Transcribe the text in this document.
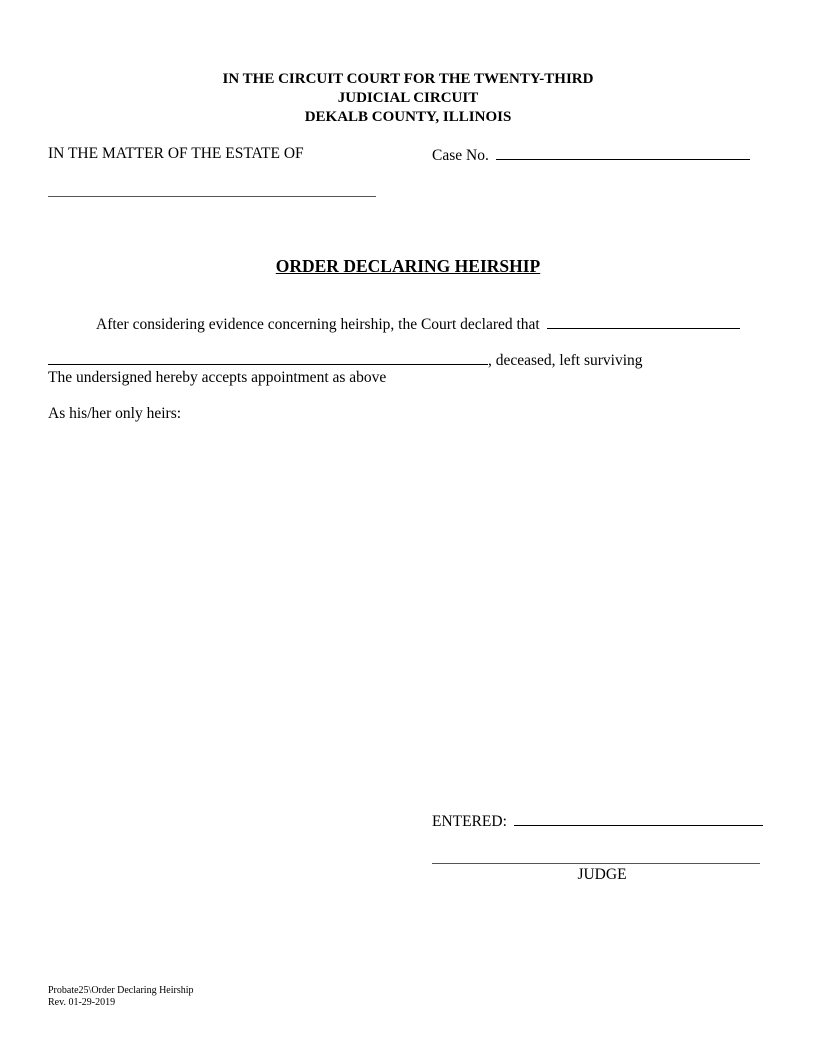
IN THE CIRCUIT COURT FOR THE TWENTY-THIRD
JUDICIAL CIRCUIT
DEKALB COUNTY, ILLINOIS
IN THE MATTER OF THE ESTATE OF	Case No.
ORDER DECLARING HEIRSHIP
After considering evidence concerning heirship, the Court declared that
, deceased, left surviving
The undersigned hereby accepts appointment as above
As his/her only heirs:
ENTERED:
JUDGE
Probate25\Order Declaring Heirship
Rev. 01-29-2019
